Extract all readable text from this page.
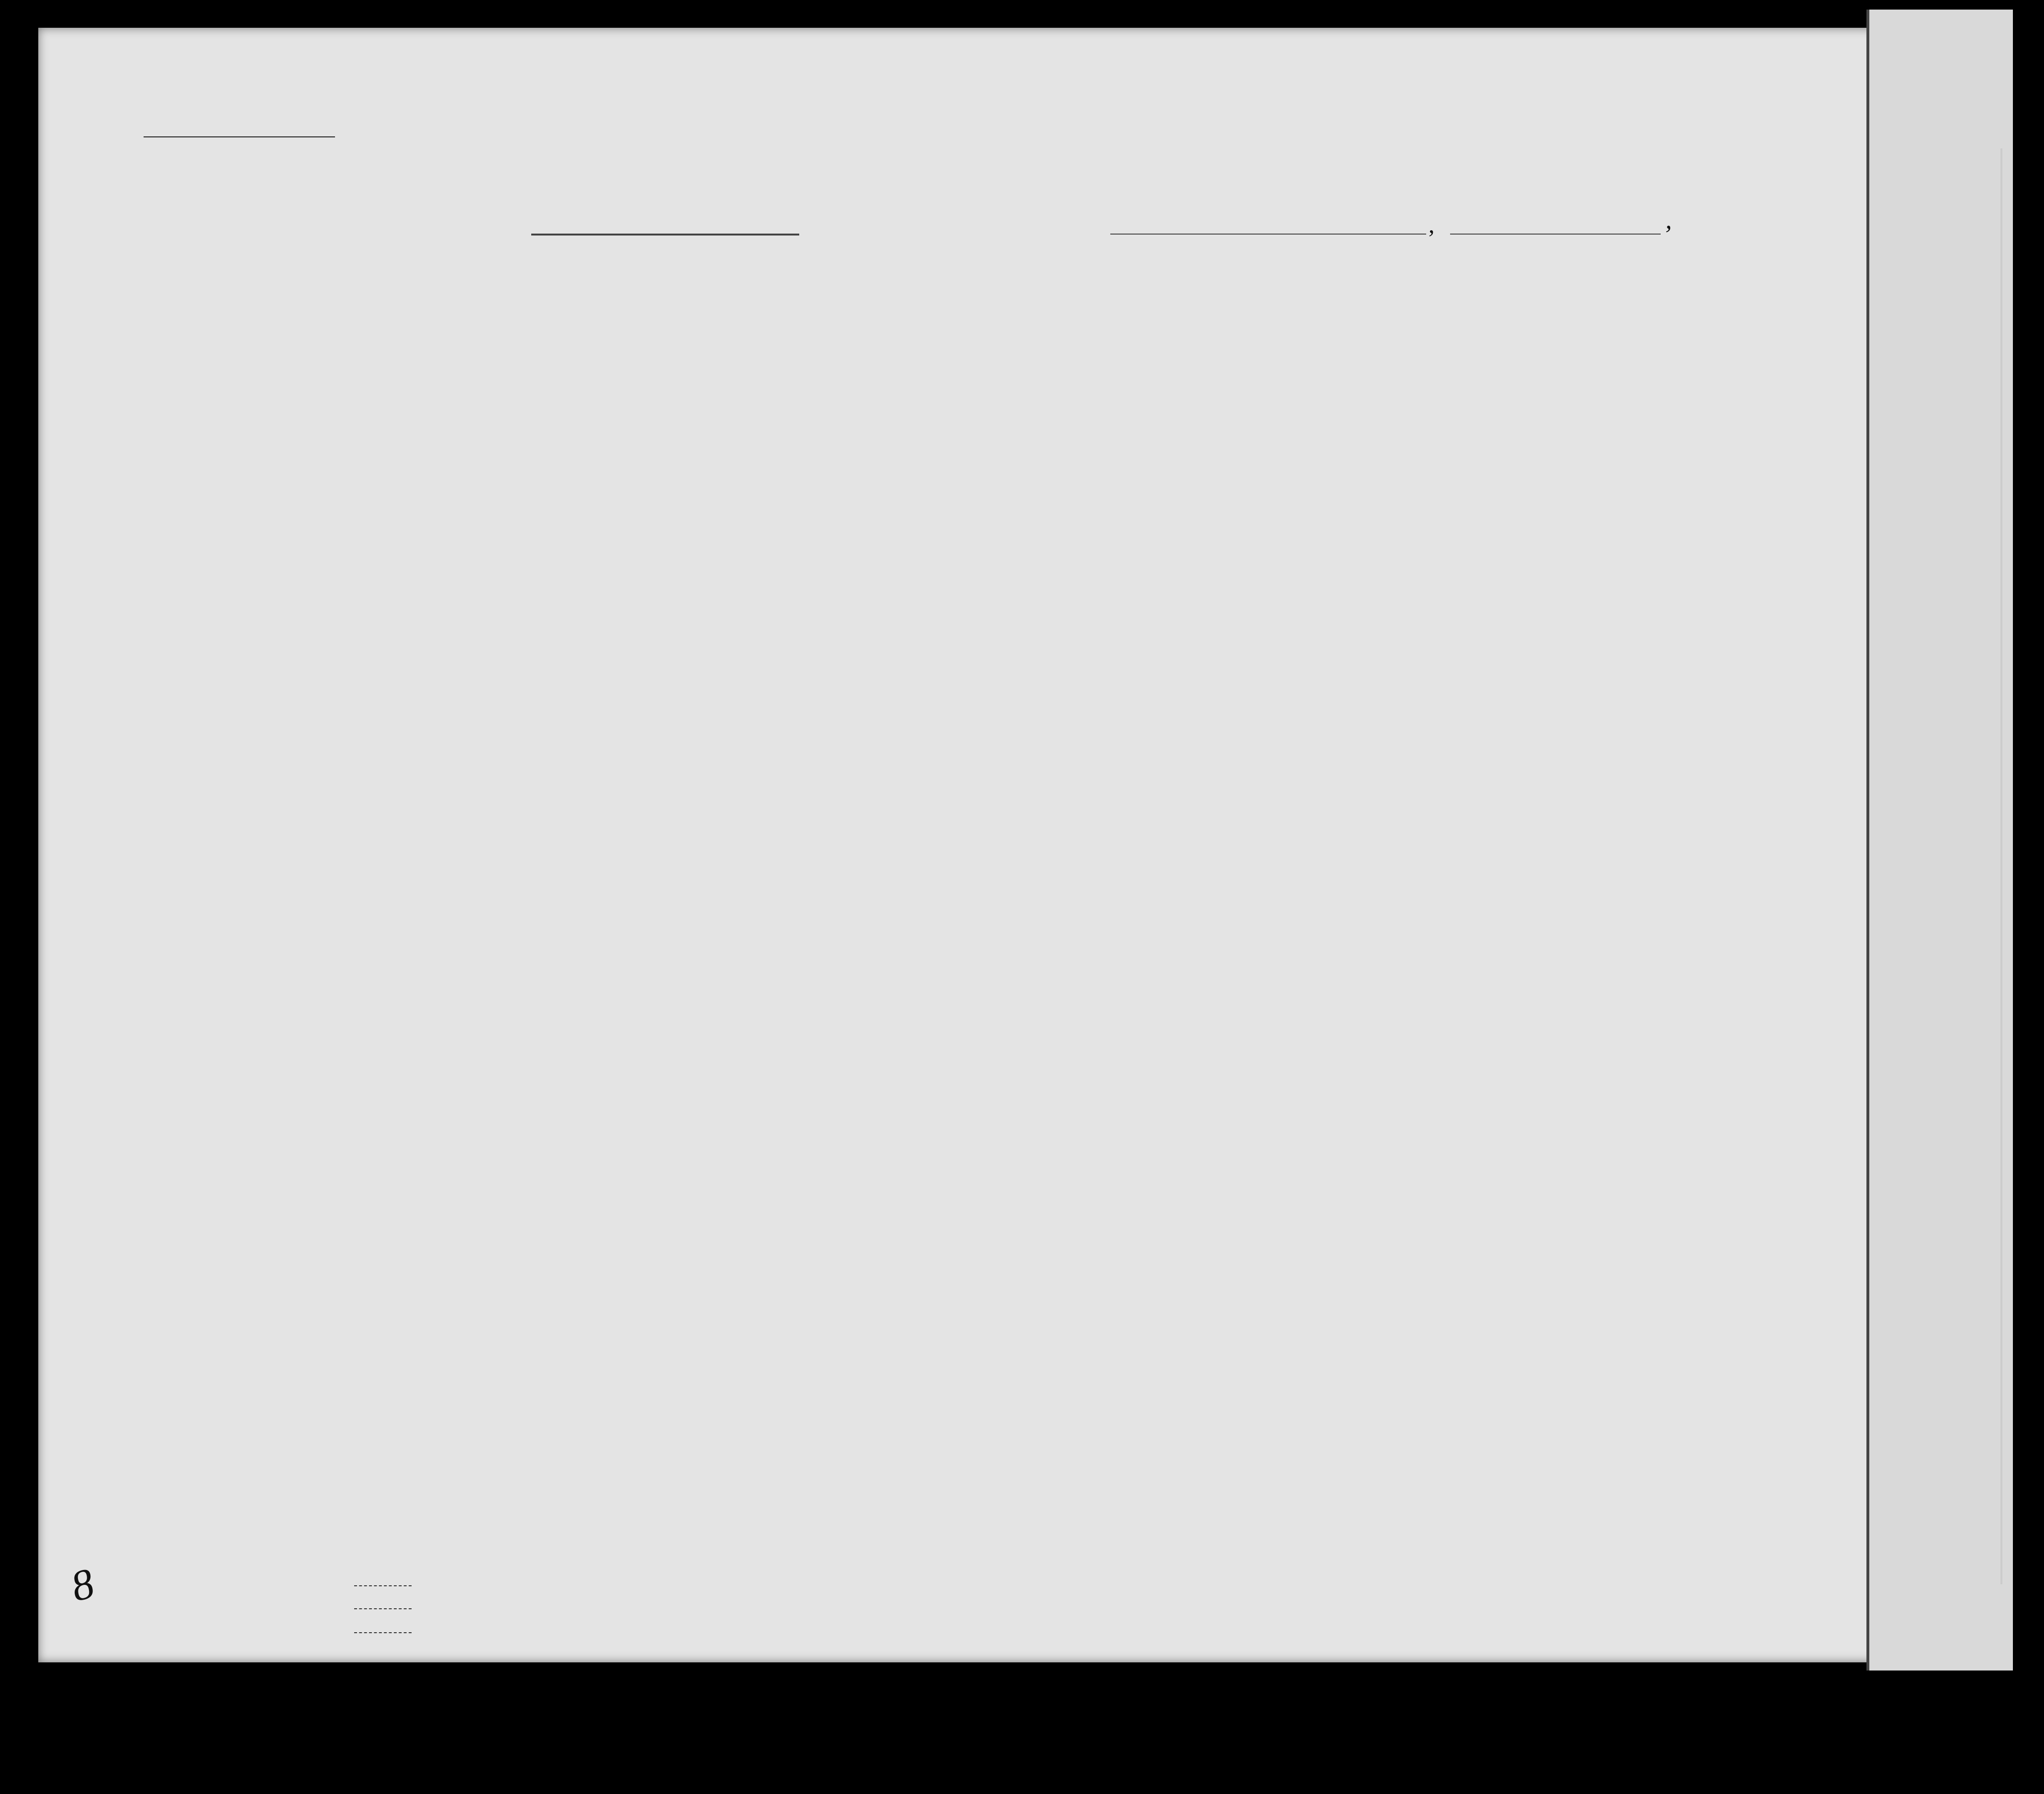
,	,
8
